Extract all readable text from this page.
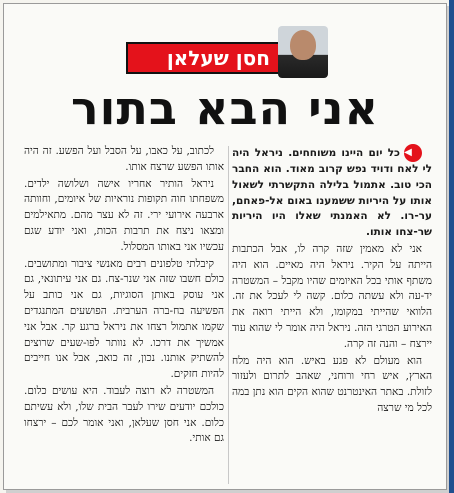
חסן שעלאן
אני הבא בתור

◀כל יום היינו משוחחים. ניראל היה לי לאח ודויד נפש קרוב מאוד. הוא החבר הכי טוב. אתמול בלילה התקשרתי לשאול אותו על היריות ששמענו באום אל-פאחם, ער-רו. לא האמנתי שאלו היו היריות שר-צחו אותו.

אני לא מאמין שזה קרה לו, אבל הכתבות הייתה על הקיר. ניראל היה מאיים. הוא היה משתף אותי בכל האיומים שהיו מקבל – המשטרה יד-עה ולא עשתה כלום. קשה לי לעכל את זה. הלוואי שהייתי במקומו, ולא הייתי רואה את האירוע הטרגי הזה. ניראל היה אומר לי שהוא עוד יירצח – והנה זה קרה.

הוא מעולם לא פגע באיש. הוא היה מלח הארץ, איש רחי ורוחני, שאהב לתרום ולעזור לזולת. באתר האינטרנט שהוא הקים הוא נתן במה לכל מי שרצה

לכתוב, על כאבו, על הסבל ועל הפשע. זה היה אותו הפשע שרצח אותו.

ניראל הותיר אחריו אישה ושלושה ילדים. משפחתו חוה תקופות נוראיות של איומים, וחוותה ארבעה אירועי ירי. זה לא עצר מהם. מתאילמים ומצאו ניצח את תרבות הכות, ואני יודע שגם עכשיו אני באותו המסלול.

קיבלתי טלפונים רבים מאנשי ציבור ומתושבים. כולם חשבו שזה אני שנר-צח. גם אני עיתונאי, גם אני עוסק באותן הסוגיות, גם אני כותב על הפשיעה בח-ברה הערבית. הפושעים המתנגדים שקמו אתמול רצחו את ניראל ברגע קר. אבל אני אמשיך את דרכו. לא נוותר לפו-שעים שרוצים להשתיק אותנו. נכון, זה כואב, אבל אנו חייבים להיות חזקים.

המשטרה לא רוצה לעבוד. היא עושים כלום. כולכם יודעים שירו לעבר הבית שלו, ולא עשיתם כלום. אני חסן שעלאן, ואני אומר לכם – ירצחו גם אותי.
